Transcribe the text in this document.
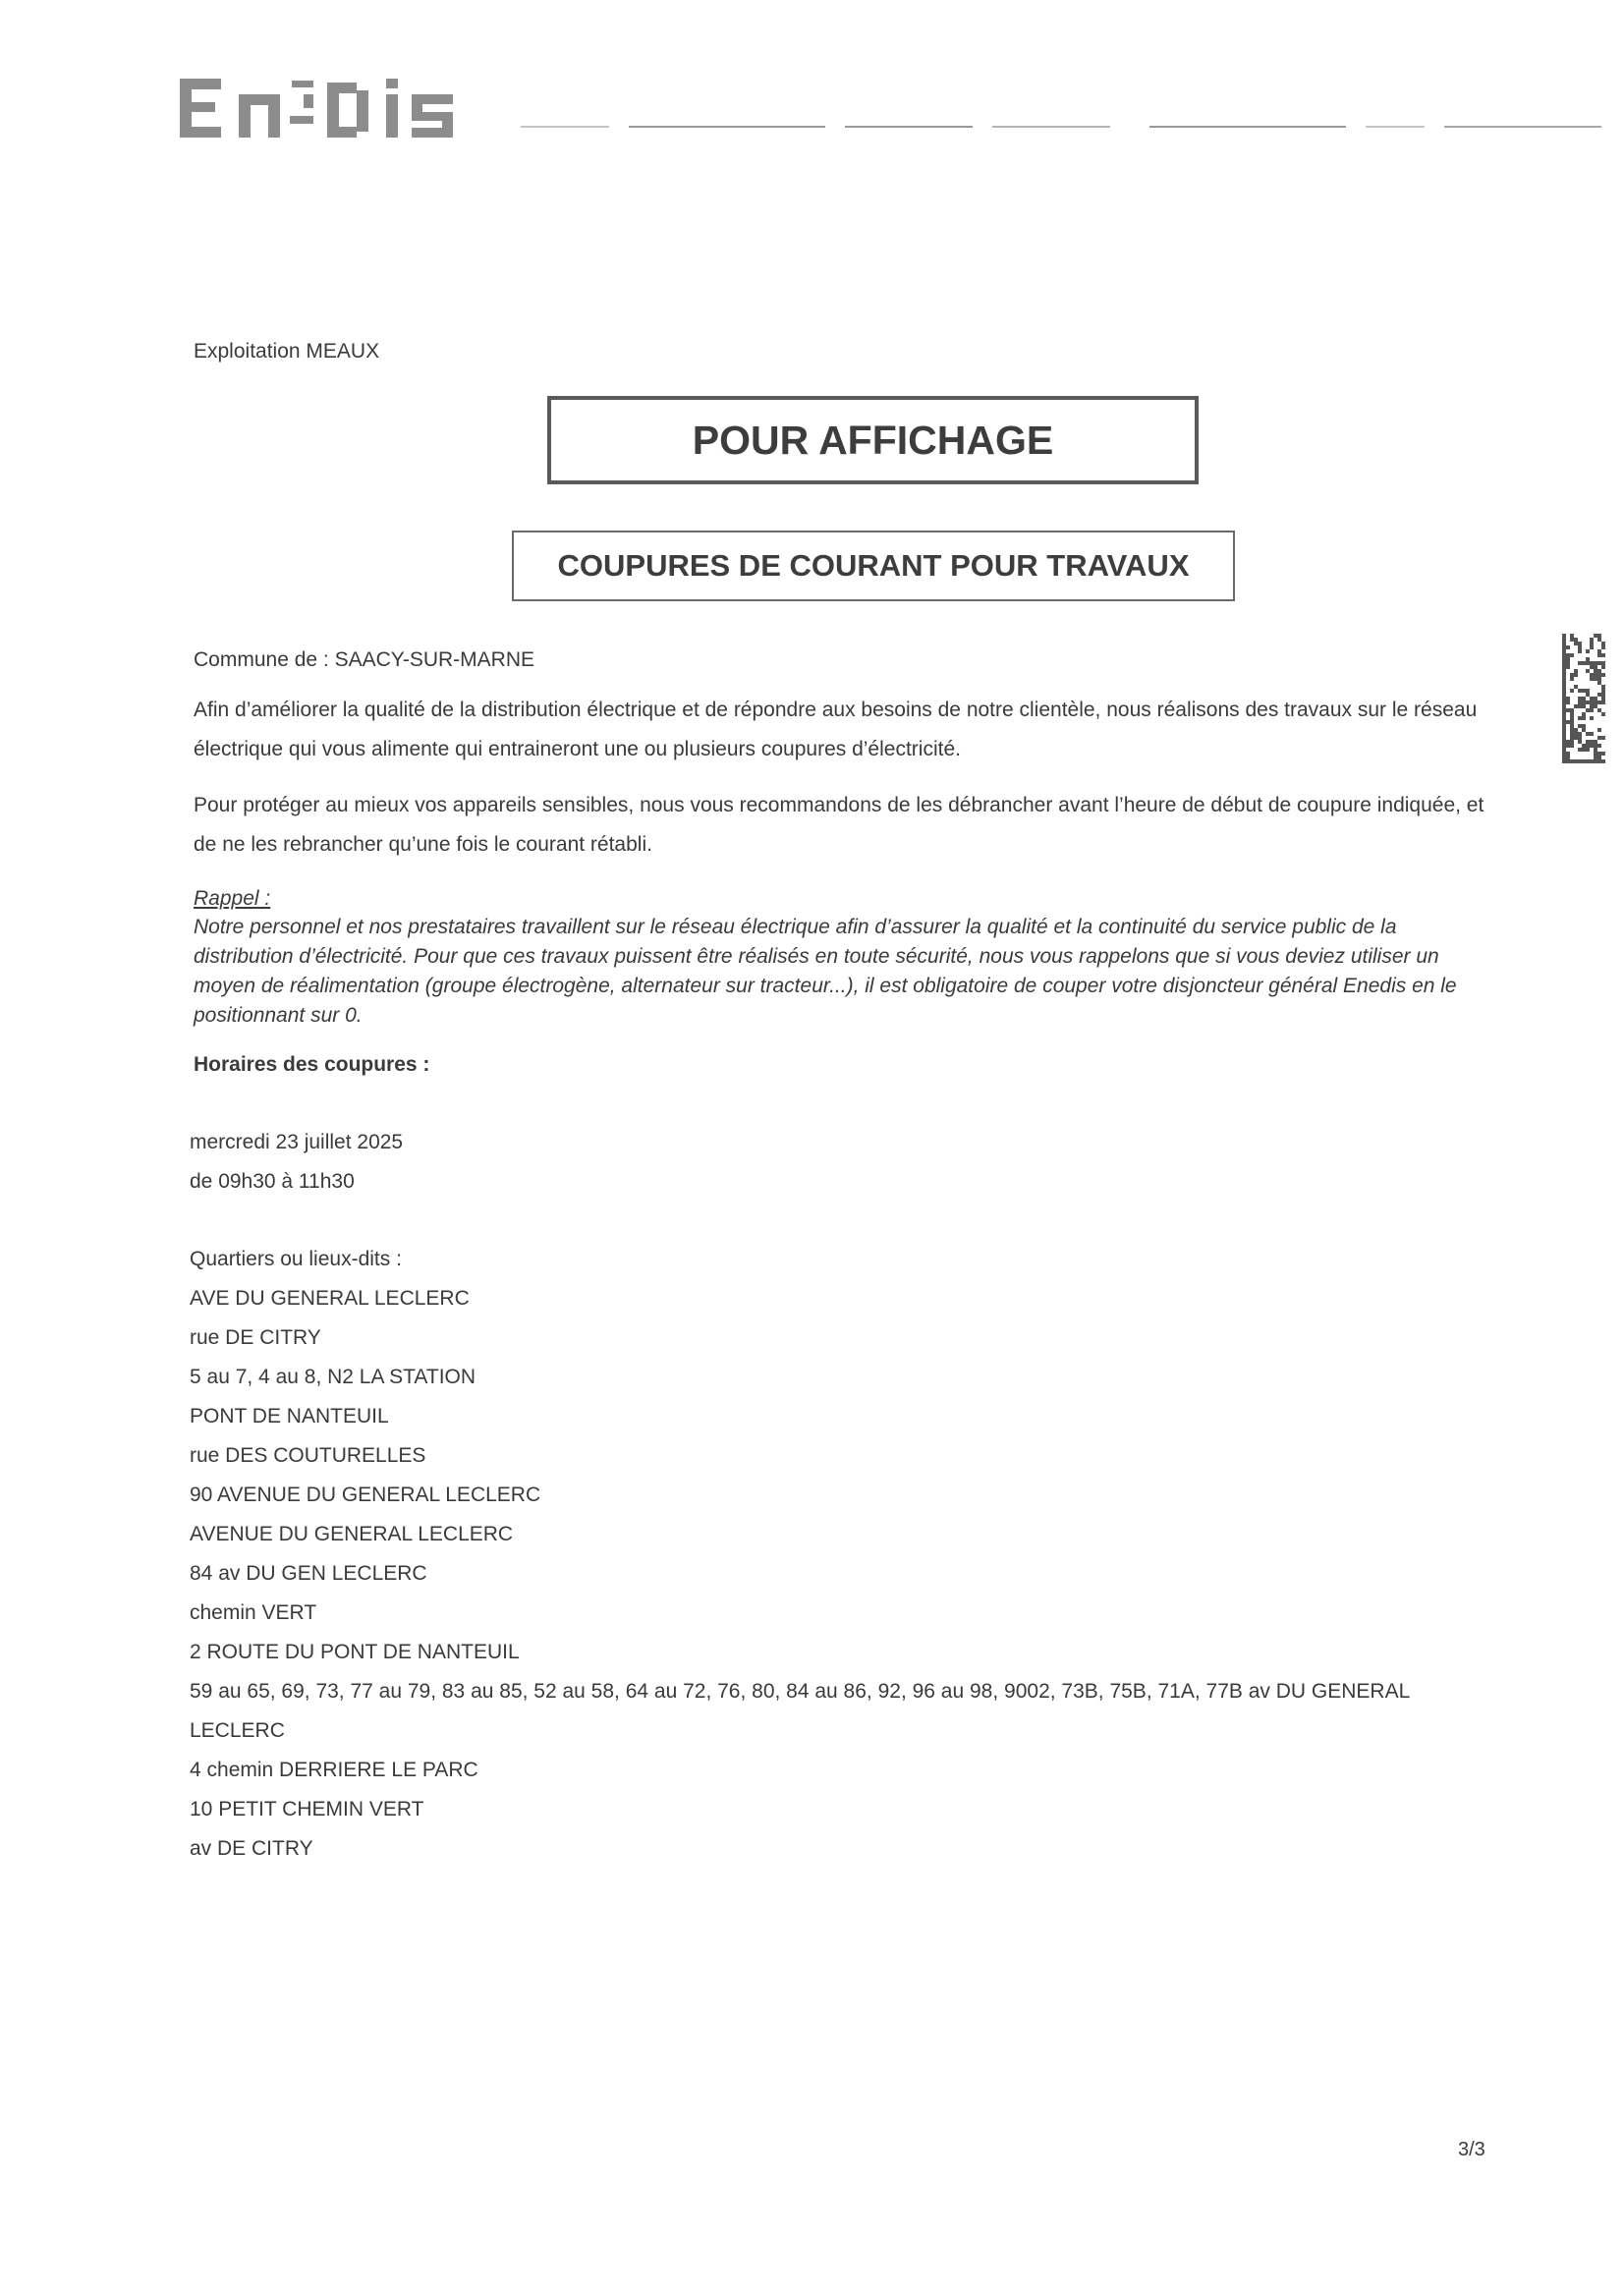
Exploitation MEAUX
POUR AFFICHAGE
COUPURES DE COURANT POUR TRAVAUX
Commune de : SAACY-SUR-MARNE
Afin d’améliorer la qualité de la distribution électrique et de répondre aux besoins de notre clientèle, nous réalisons des travaux sur le réseau électrique qui vous alimente qui entraineront une ou plusieurs coupures d’électricité.
Pour protéger au mieux vos appareils sensibles, nous vous recommandons de les débrancher avant l’heure de début de coupure indiquée, et de ne les rebrancher qu’une fois le courant rétabli.
Rappel :
Notre personnel et nos prestataires travaillent sur le réseau électrique afin d’assurer la qualité et la continuité du service public de la distribution d’électricité. Pour que ces travaux puissent être réalisés en toute sécurité, nous vous rappelons que si vous deviez utiliser un moyen de réalimentation (groupe électrogène, alternateur sur tracteur...), il est obligatoire de couper votre disjoncteur général Enedis en le positionnant sur 0.
Horaires des coupures :
mercredi 23 juillet 2025
de 09h30 à 11h30
Quartiers ou lieux-dits :
AVE DU GENERAL LECLERC
rue DE CITRY
5 au 7, 4 au 8, N2 LA STATION
PONT DE NANTEUIL
rue DES COUTURELLES
90 AVENUE DU GENERAL LECLERC
AVENUE DU GENERAL LECLERC
84 av DU GEN LECLERC
chemin VERT
2 ROUTE DU PONT DE NANTEUIL
59 au 65, 69, 73, 77 au 79, 83 au 85, 52 au 58, 64 au 72, 76, 80, 84 au 86, 92, 96 au 98, 9002, 73B, 75B, 71A, 77B av DU GENERAL LECLERC
4 chemin DERRIERE LE PARC
10 PETIT CHEMIN VERT
av DE CITRY
3/3
